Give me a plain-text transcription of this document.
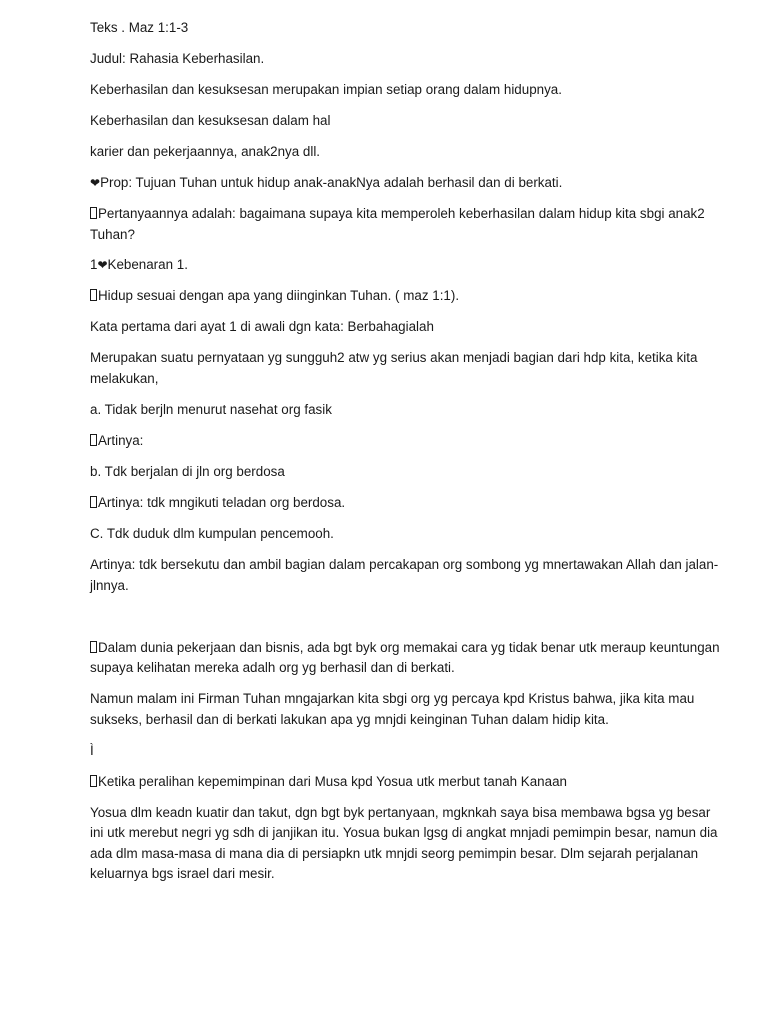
Teks . Maz 1:1-3

Judul: Rahasia Keberhasilan.

Keberhasilan dan kesuksesan merupakan impian setiap orang dalam hidupnya.

Keberhasilan dan kesuksesan dalam hal

karier dan pekerjaannya, anak2nya dll.

❤Prop: Tujuan Tuhan untuk hidup anak-anakNya adalah berhasil dan di berkati.

Pertanyaannya adalah: bagaimana supaya kita memperoleh keberhasilan dalam hidup kita sbgi anak2 Tuhan?

1❤Kebenaran 1.

Hidup sesuai dengan apa yang diinginkan Tuhan. ( maz 1:1).

Kata pertama dari ayat 1 di awali dgn kata: Berbahagialah

Merupakan suatu pernyataan yg sungguh2 atw yg serius akan menjadi bagian dari hdp kita, ketika kita melakukan,

a. Tidak berjln menurut nasehat org fasik

Artinya:

b. Tdk berjalan di jln org berdosa

Artinya: tdk mngikuti teladan org berdosa.

C. Tdk duduk dlm kumpulan pencemooh.

Artinya: tdk bersekutu dan ambil bagian dalam percakapan org sombong yg mnertawakan Allah dan jalan-jlnnya.

Dalam dunia pekerjaan dan bisnis, ada bgt byk org memakai cara yg tidak benar utk meraup keuntungan supaya kelihatan mereka adalh org yg berhasil dan di berkati.

Namun malam ini Firman Tuhan mngajarkan kita sbgi org yg percaya kpd Kristus bahwa, jika kita mau sukseks, berhasil dan di berkati lakukan apa yg mnjdi keinginan Tuhan dalam hidip kita.

Ì

Ketika peralihan kepemimpinan dari Musa kpd Yosua utk merbut tanah Kanaan

Yosua dlm keadn kuatir dan takut, dgn bgt byk pertanyaan, mgknkah saya bisa membawa bgsa yg besar ini utk merebut negri yg sdh di janjikan itu. Yosua bukan lgsg di angkat mnjadi pemimpin besar, namun dia ada dlm masa-masa di mana dia di persiapkn utk mnjdi seorg pemimpin besar. Dlm sejarah perjalanan keluarnya bgs israel dari mesir.
